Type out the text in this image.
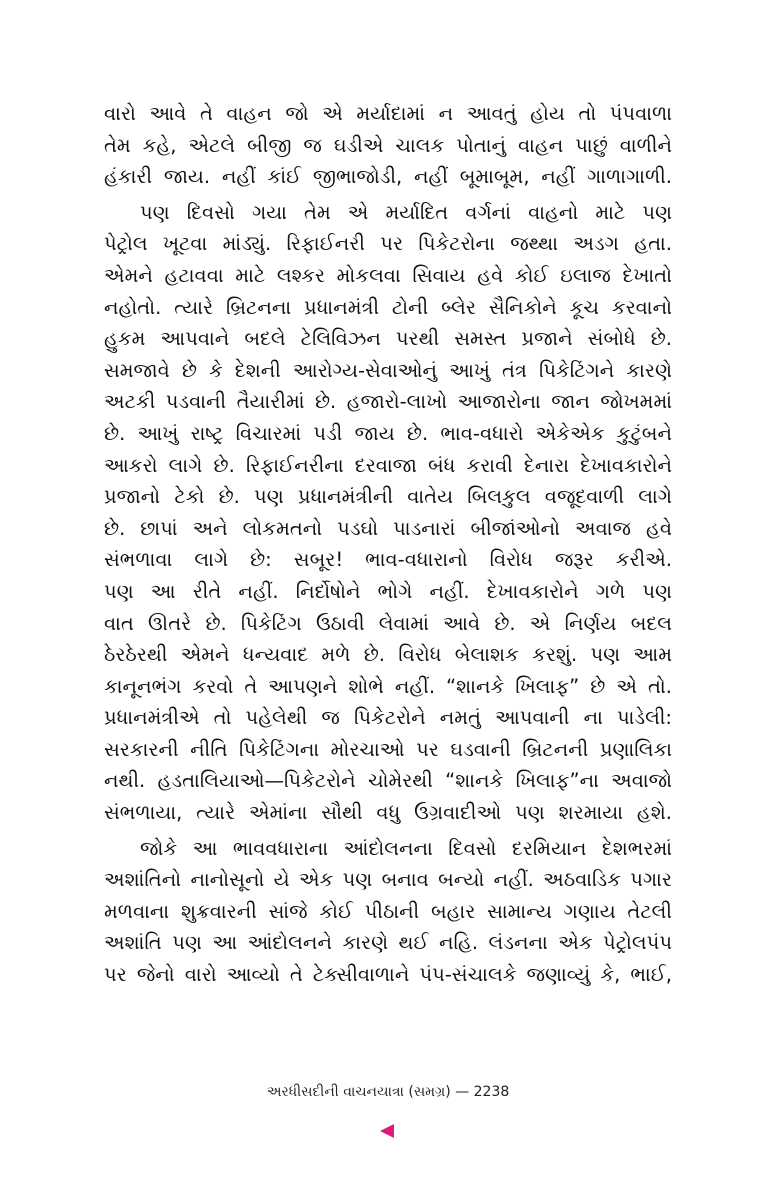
વારો આવે તે વાહન જો એ મર્યાદામાં ન આવતું હોય તો પંપવાળા
તેમ કહે, એટલે બીજી જ ઘડીએ ચાલક પોતાનું વાહન પાછું વાળીને
હંકારી જાય. નહીં કાંઈ જીભાજોડી, નહીં બૂમાબૂમ, નહીં ગાળાગાળી.

પણ દિવસો ગયા તેમ એ મર્યાદિત વર્ગનાં વાહનો માટે પણ
પેટ્રોલ ખૂટવા માંડ્યું. રિફાઈનરી પર પિકેટરોના જથ્થા અડગ હતા.
એમને હટાવવા માટે લશ્કર મોકલવા સિવાય હવે કોઈ ઇલાજ દેખાતો
નહોતો. ત્યારે બ્રિટનના પ્રધાનમંત્રી ટોની બ્લેર સૈનિકોને કૂચ કરવાનો
હુકમ આપવાને બદલે ટેલિવિઝન પરથી સમસ્ત પ્રજાને સંબોધે છે.
સમજાવે છે કે દેશની આરોગ્ય-સેવાઓનું આખું તંત્ર પિકેટિંગને કારણે
અટકી પડવાની તૈયારીમાં છે. હજારો-લાખો આજારોના જાન જોખમમાં
છે. આખું રાષ્ટ્ર વિચારમાં પડી જાય છે. ભાવ-વધારો એકેએક કુટુંબને
આકરો લાગે છે. રિફાઈનરીના દરવાજા બંધ કરાવી દેનારા દેખાવકારોને
પ્રજાનો ટેકો છે. પણ પ્રધાનમંત્રીની વાતેય બિલકુલ વજૂદવાળી લાગે
છે. છાપાં અને લોકમતનો પડઘો પાડનારાં બીજાંઓનો અવાજ હવે
સંભળાવા લાગે છે: સબૂર! ભાવ-વધારાનો વિરોધ જરૂર કરીએ.
પણ આ રીતે નહીં. નિર્દોષોને ભોગે નહીં. દેખાવકારોને ગળે પણ
વાત ઊતરે છે. પિકેટિંગ ઉઠાવી લેવામાં આવે છે. એ નિર્ણય બદલ
ઠેરઠેરથી એમને ધન્યવાદ મળે છે. વિરોધ બેલાશક કરશું. પણ આમ
કાનૂનભંગ કરવો તે આપણને શોભે નહીં. “શાનકે ખિલાફ” છે એ તો.
પ્રધાનમંત્રીએ તો પહેલેથી જ પિકેટરોને નમતું આપવાની ના પાડેલી:
સરકારની નીતિ પિકેટિંગના મોરચાઓ પર ઘડવાની બ્રિટનની પ્રણાલિકા
નથી. હડતાલિયાઓ—પિકેટરોને ચોમેરથી “શાનકે ખિલાફ”ના અવાજો
સંભળાયા, ત્યારે એમાંના સૌથી વધુ ઉગ્રવાદીઓ પણ શરમાયા હશે.

જોકે આ ભાવવધારાના આંદોલનના દિવસો દરમિયાન દેશભરમાં
અશાંતિનો નાનોસૂનો યે એક પણ બનાવ બન્યો નહીં. અઠવાડિક પગાર
મળવાના શુક્રવારની સાંજે કોઈ પીઠાની બહાર સામાન્ય ગણાય તેટલી
અશાંતિ પણ આ આંદોલનને કારણે થઈ નહિ. લંડનના એક પેટ્રોલપંપ
પર જેનો વારો આવ્યો તે ટેક્સીવાળાને પંપ-સંચાલકે જણાવ્યું કે, ભાઈ,

અરધીસદીની વાચનયાત્રા (સમગ્ર) — 2238
